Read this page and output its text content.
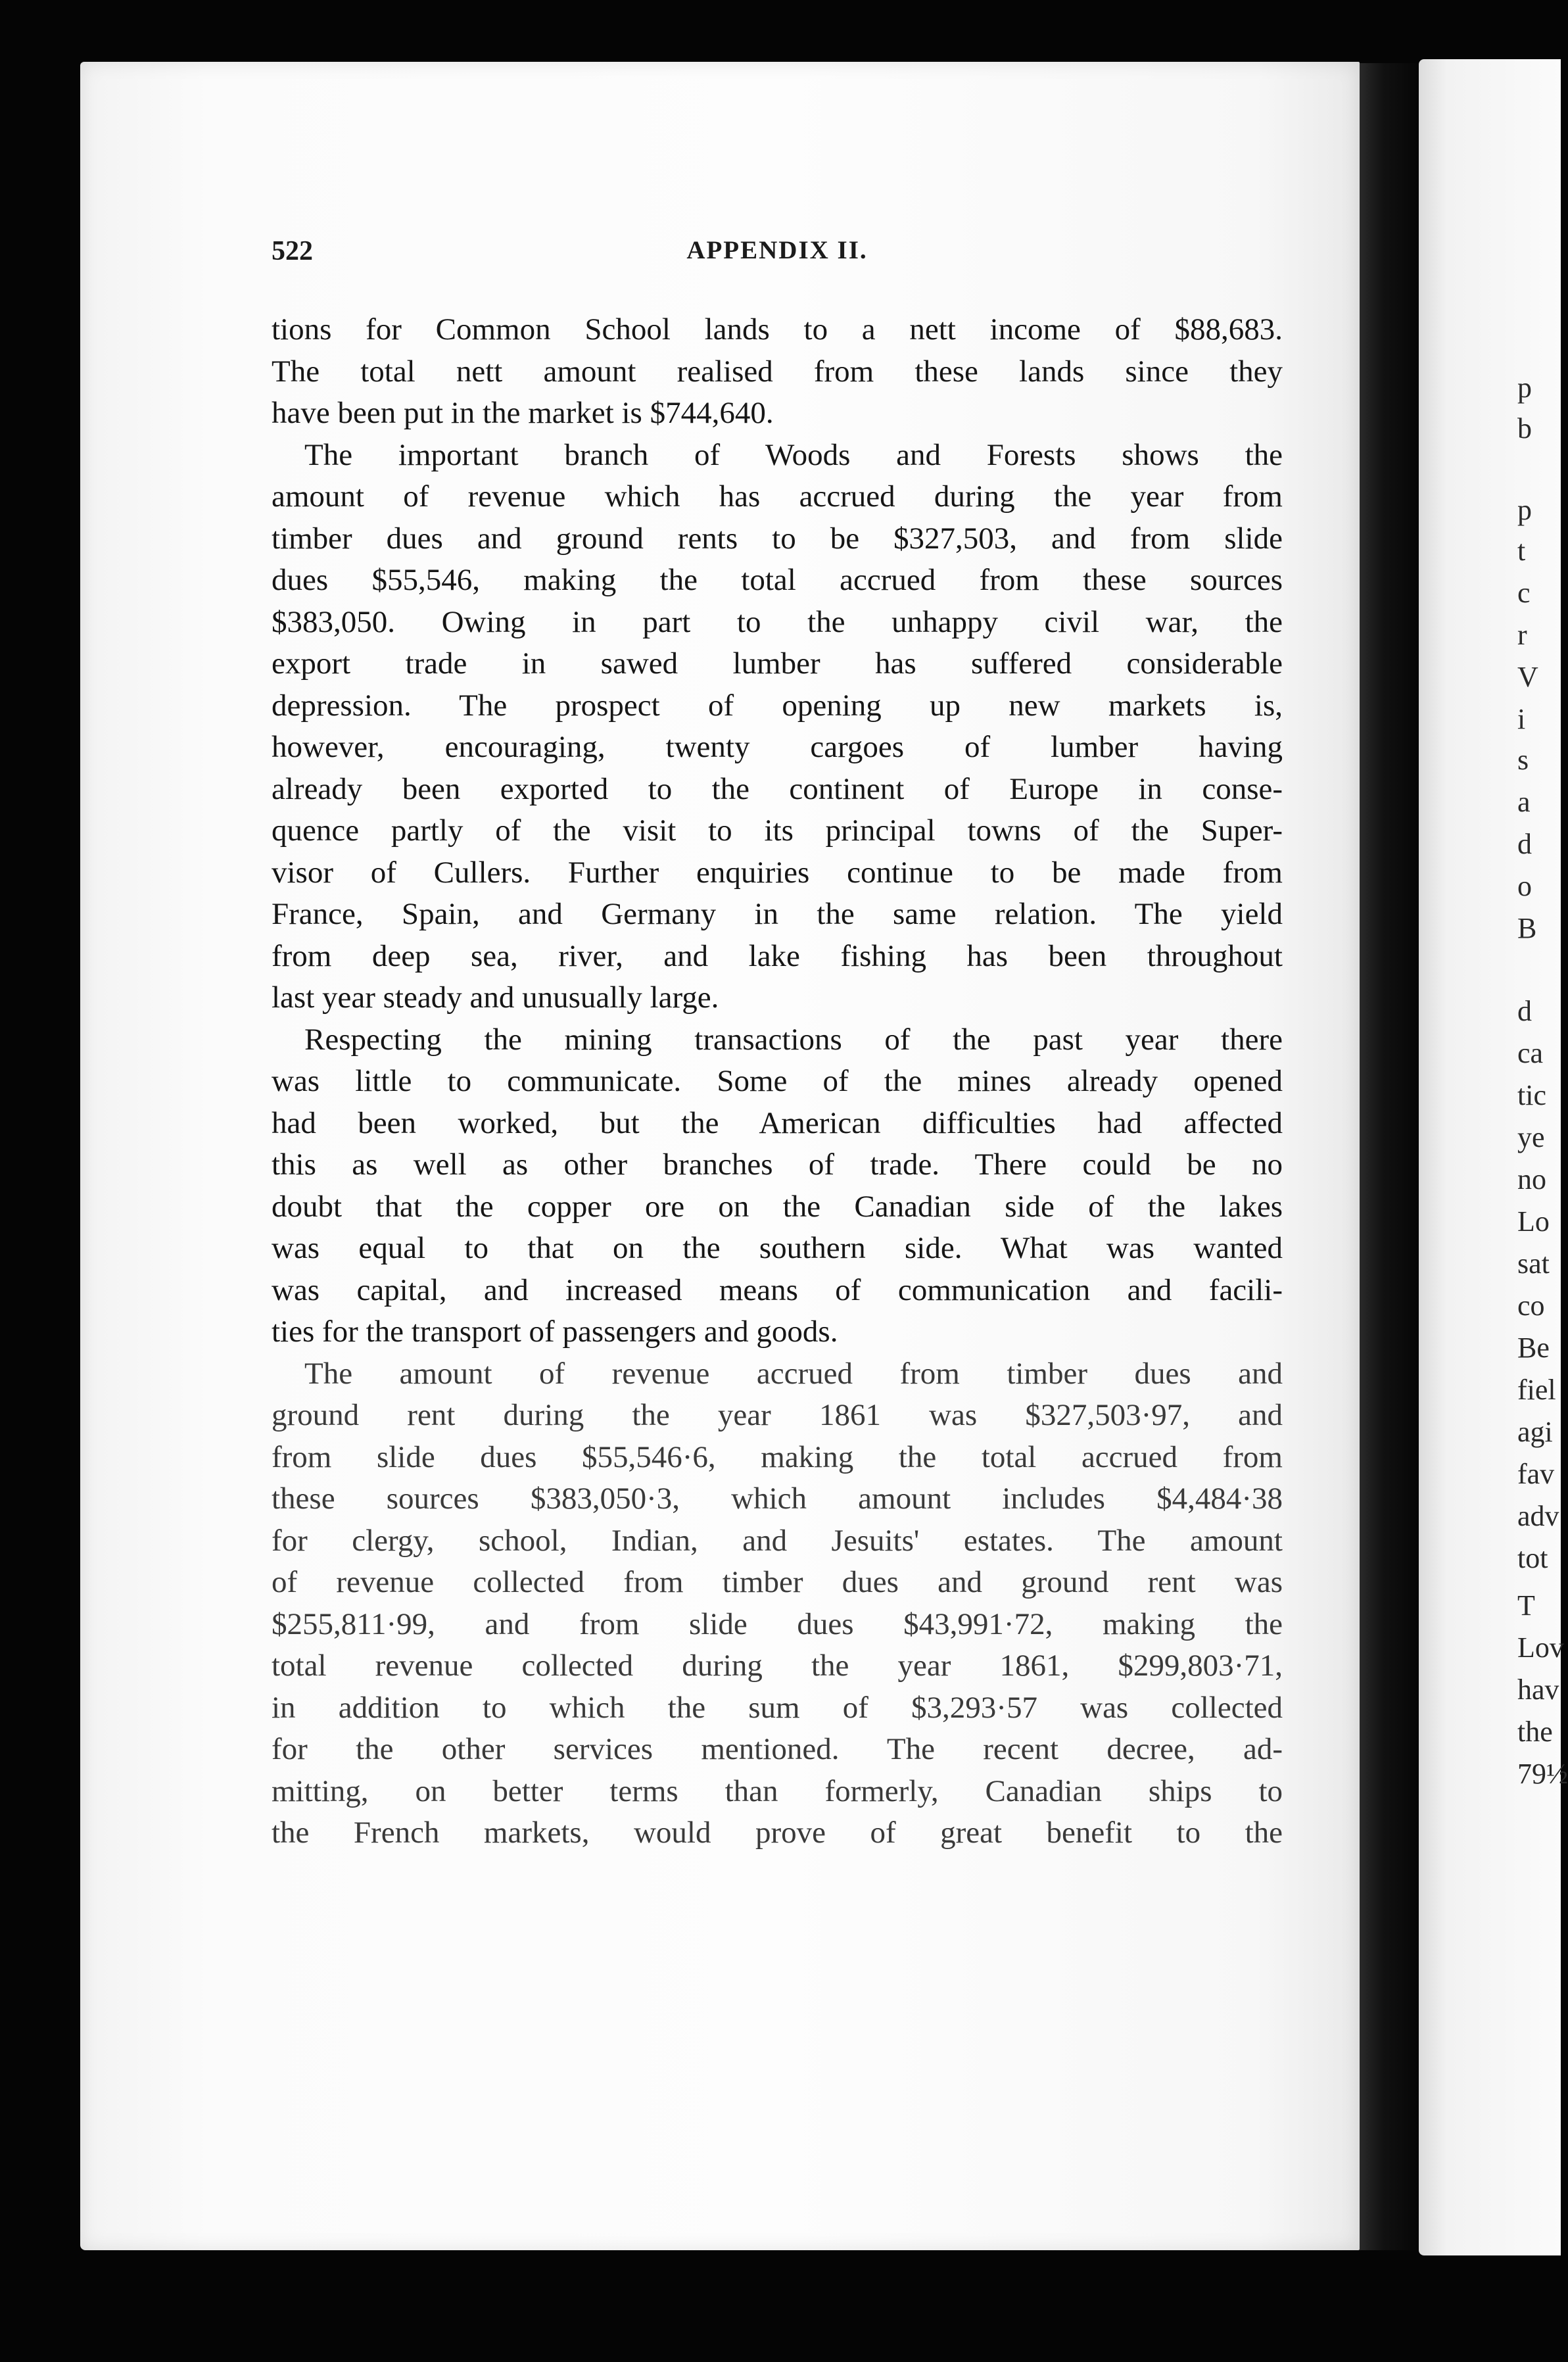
p
b
p
t
c
r
V
i
s
a
d
o
B
d
ca
tic
ye
no
Lo
sat
co
Be
fiel
agi
fav
adv
tot
T
Lov
hav
the
79½
APPENDIX II.
522
tions for Common School lands to a nett income of $88,683.
The total nett amount realised from these lands since they
have been put in the market is $744,640.
The important branch of Woods and Forests shows the
amount of revenue which has accrued during the year from
timber dues and ground rents to be $327,503, and from slide
dues $55,546, making the total accrued from these sources
$383,050. Owing in part to the unhappy civil war, the
export trade in sawed lumber has suffered considerable
depression. The prospect of opening up new markets is,
however, encouraging, twenty cargoes of lumber having
already been exported to the continent of Europe in conse-
quence partly of the visit to its principal towns of the Super-
visor of Cullers. Further enquiries continue to be made from
France, Spain, and Germany in the same relation. The yield
from deep sea, river, and lake fishing has been throughout
last year steady and unusually large.
Respecting the mining transactions of the past year there
was little to communicate. Some of the mines already opened
had been worked, but the American difficulties had affected
this as well as other branches of trade. There could be no
doubt that the copper ore on the Canadian side of the lakes
was equal to that on the southern side. What was wanted
was capital, and increased means of communication and facili-
ties for the transport of passengers and goods.
The amount of revenue accrued from timber dues and
ground rent during the year 1861 was $327,503·97, and
from slide dues $55,546·6, making the total accrued from
these sources $383,050·3, which amount includes $4,484·38
for clergy, school, Indian, and Jesuits' estates. The amount
of revenue collected from timber dues and ground rent was
$255,811·99, and from slide dues $43,991·72, making the
total revenue collected during the year 1861, $299,803·71,
in addition to which the sum of $3,293·57 was collected
for the other services mentioned. The recent decree, ad-
mitting, on better terms than formerly, Canadian ships to
the French markets, would prove of great benefit to the
